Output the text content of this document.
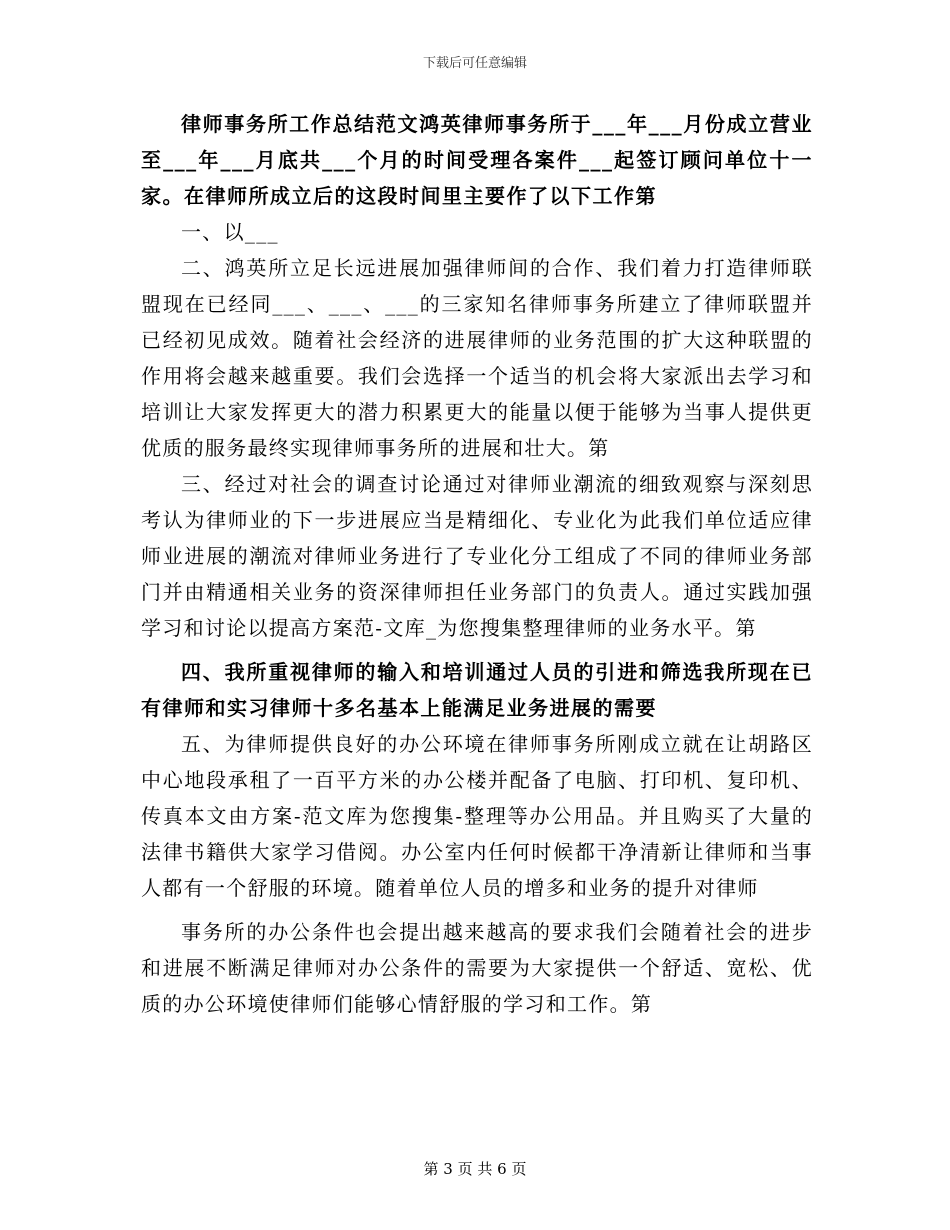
下载后可任意编辑

律师事务所工作总结范文鸿英律师事务所于___年___月份成立营业至___年___月底共___个月的时间受理各案件___起签订顾问单位十一家。在律师所成立后的这段时间里主要作了以下工作第

一、以___

二、鸿英所立足长远进展加强律师间的合作、我们着力打造律师联盟现在已经同___、___、___的三家知名律师事务所建立了律师联盟并已经初见成效。随着社会经济的进展律师的业务范围的扩大这种联盟的作用将会越来越重要。我们会选择一个适当的机会将大家派出去学习和培训让大家发挥更大的潜力积累更大的能量以便于能够为当事人提供更优质的服务最终实现律师事务所的进展和壮大。第

三、经过对社会的调查讨论通过对律师业潮流的细致观察与深刻思考认为律师业的下一步进展应当是精细化、专业化为此我们单位适应律师业进展的潮流对律师业务进行了专业化分工组成了不同的律师业务部门并由精通相关业务的资深律师担任业务部门的负责人。通过实践加强学习和讨论以提高方案范-文库_为您搜集整理律师的业务水平。第

四、我所重视律师的输入和培训通过人员的引进和筛选我所现在已有律师和实习律师十多名基本上能满足业务进展的需要

五、为律师提供良好的办公环境在律师事务所刚成立就在让胡路区中心地段承租了一百平方米的办公楼并配备了电脑、打印机、复印机、传真本文由方案-范文库为您搜集-整理等办公用品。并且购买了大量的法律书籍供大家学习借阅。办公室内任何时候都干净清新让律师和当事人都有一个舒服的环境。随着单位人员的增多和业务的提升对律师

事务所的办公条件也会提出越来越高的要求我们会随着社会的进步和进展不断满足律师对办公条件的需要为大家提供一个舒适、宽松、优质的办公环境使律师们能够心情舒服的学习和工作。第

第 3 页 共 6 页
